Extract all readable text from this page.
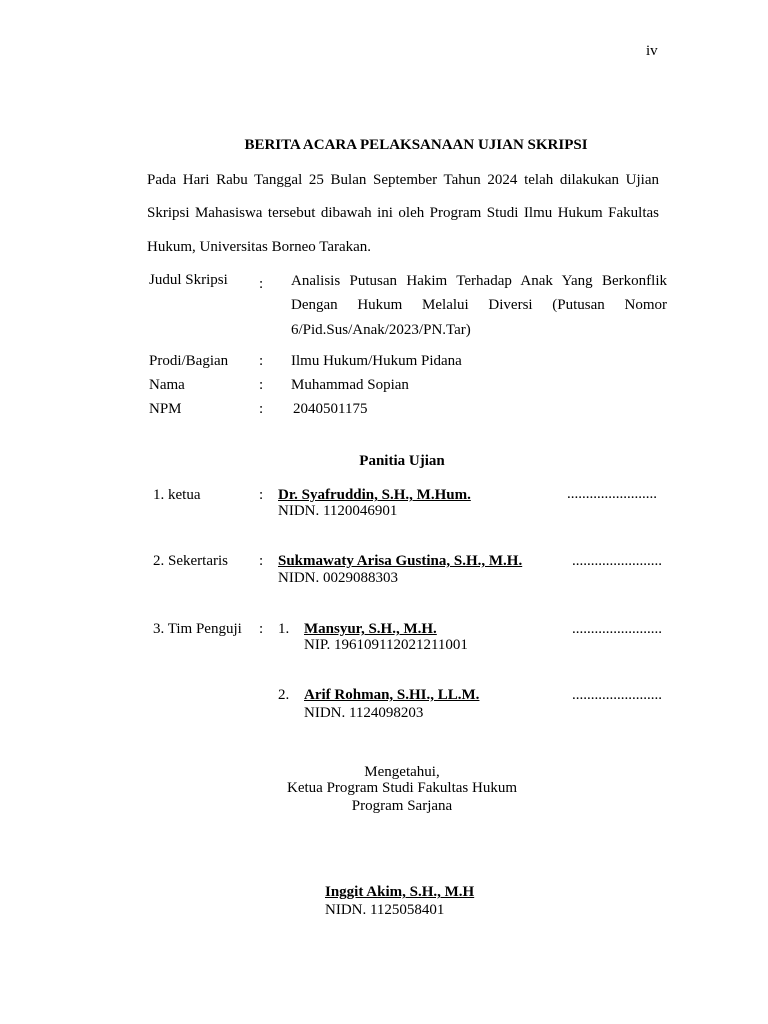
iv
BERITA ACARA PELAKSANAAN UJIAN SKRIPSI
Pada Hari Rabu Tanggal 25 Bulan September Tahun 2024 telah dilakukan Ujian
Skripsi Mahasiswa tersebut dibawah ini oleh Program Studi Ilmu Hukum Fakultas
Hukum, Universitas Borneo Tarakan.
Judul Skripsi : Analisis Putusan Hakim Terhadap Anak Yang Berkonflik
Dengan Hukum Melalui Diversi (Putusan Nomor
6/Pid.Sus/Anak/2023/PN.Tar)
Prodi/Bagian : Ilmu Hukum/Hukum Pidana
Nama	: Muhammad Sopian
NPM	: 2040501175
Panitia Ujian
1. ketua	: Dr. Syafruddin, S.H., M.Hum.
NIDN. 1120046901
........................
2. Sekertaris : Sukmawaty Arisa Gustina, S.H., M.H.
NIDN. 0029088303
........................
3. Tim Penguji : 1. Mansyur, S.H., M.H.
NIP. 196109112021211001
........................
2. Arif Rohman, S.HI., LL.M.
NIDN. 1124098203
........................
Mengetahui,
Ketua Program Studi Fakultas Hukum
Program Sarjana
Inggit Akim, S.H., M.H
NIDN. 1125058401
